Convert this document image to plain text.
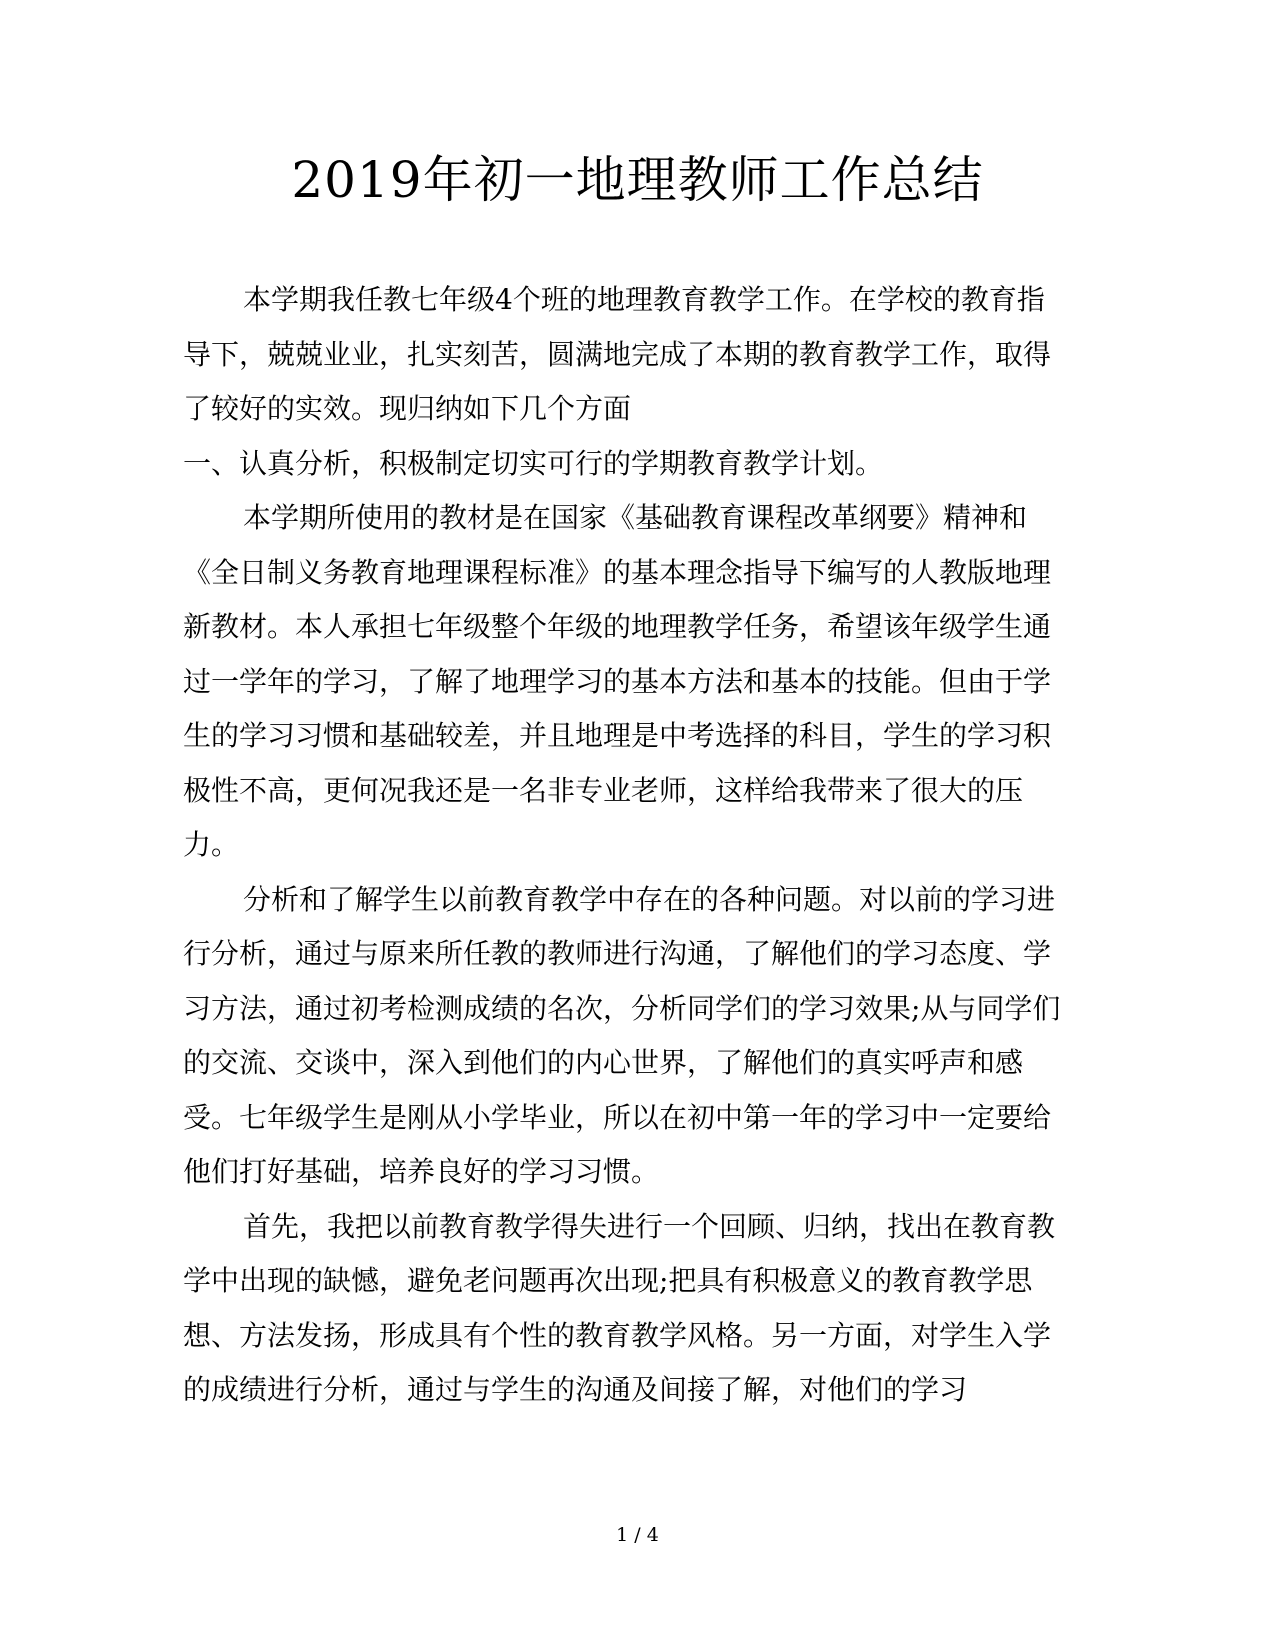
2019年初一地理教师工作总结

本学期我任教七年级4个班的地理教育教学工作。在学校的教育指导下，兢兢业业，扎实刻苦，圆满地完成了本期的教育教学工作，取得了较好的实效。现归纳如下几个方面

一、认真分析，积极制定切实可行的学期教育教学计划。

本学期所使用的教材是在国家《基础教育课程改革纲要》精神和《全日制义务教育地理课程标准》的基本理念指导下编写的人教版地理新教材。本人承担七年级整个年级的地理教学任务，希望该年级学生通过一学年的学习，了解了地理学习的基本方法和基本的技能。但由于学生的学习习惯和基础较差，并且地理是中考选择的科目，学生的学习积极性不高，更何况我还是一名非专业老师，这样给我带来了很大的压力。

分析和了解学生以前教育教学中存在的各种问题。对以前的学习进行分析，通过与原来所任教的教师进行沟通，了解他们的学习态度、学习方法，通过初考检测成绩的名次，分析同学们的学习效果;从与同学们的交流、交谈中，深入到他们的内心世界，了解他们的真实呼声和感受。七年级学生是刚从小学毕业，所以在初中第一年的学习中一定要给他们打好基础，培养良好的学习习惯。

首先，我把以前教育教学得失进行一个回顾、归纳，找出在教育教学中出现的缺憾，避免老问题再次出现;把具有积极意义的教育教学思想、方法发扬，形成具有个性的教育教学风格。另一方面，对学生入学的成绩进行分析，通过与学生的沟通及间接了解，对他们的学习

1 / 4
